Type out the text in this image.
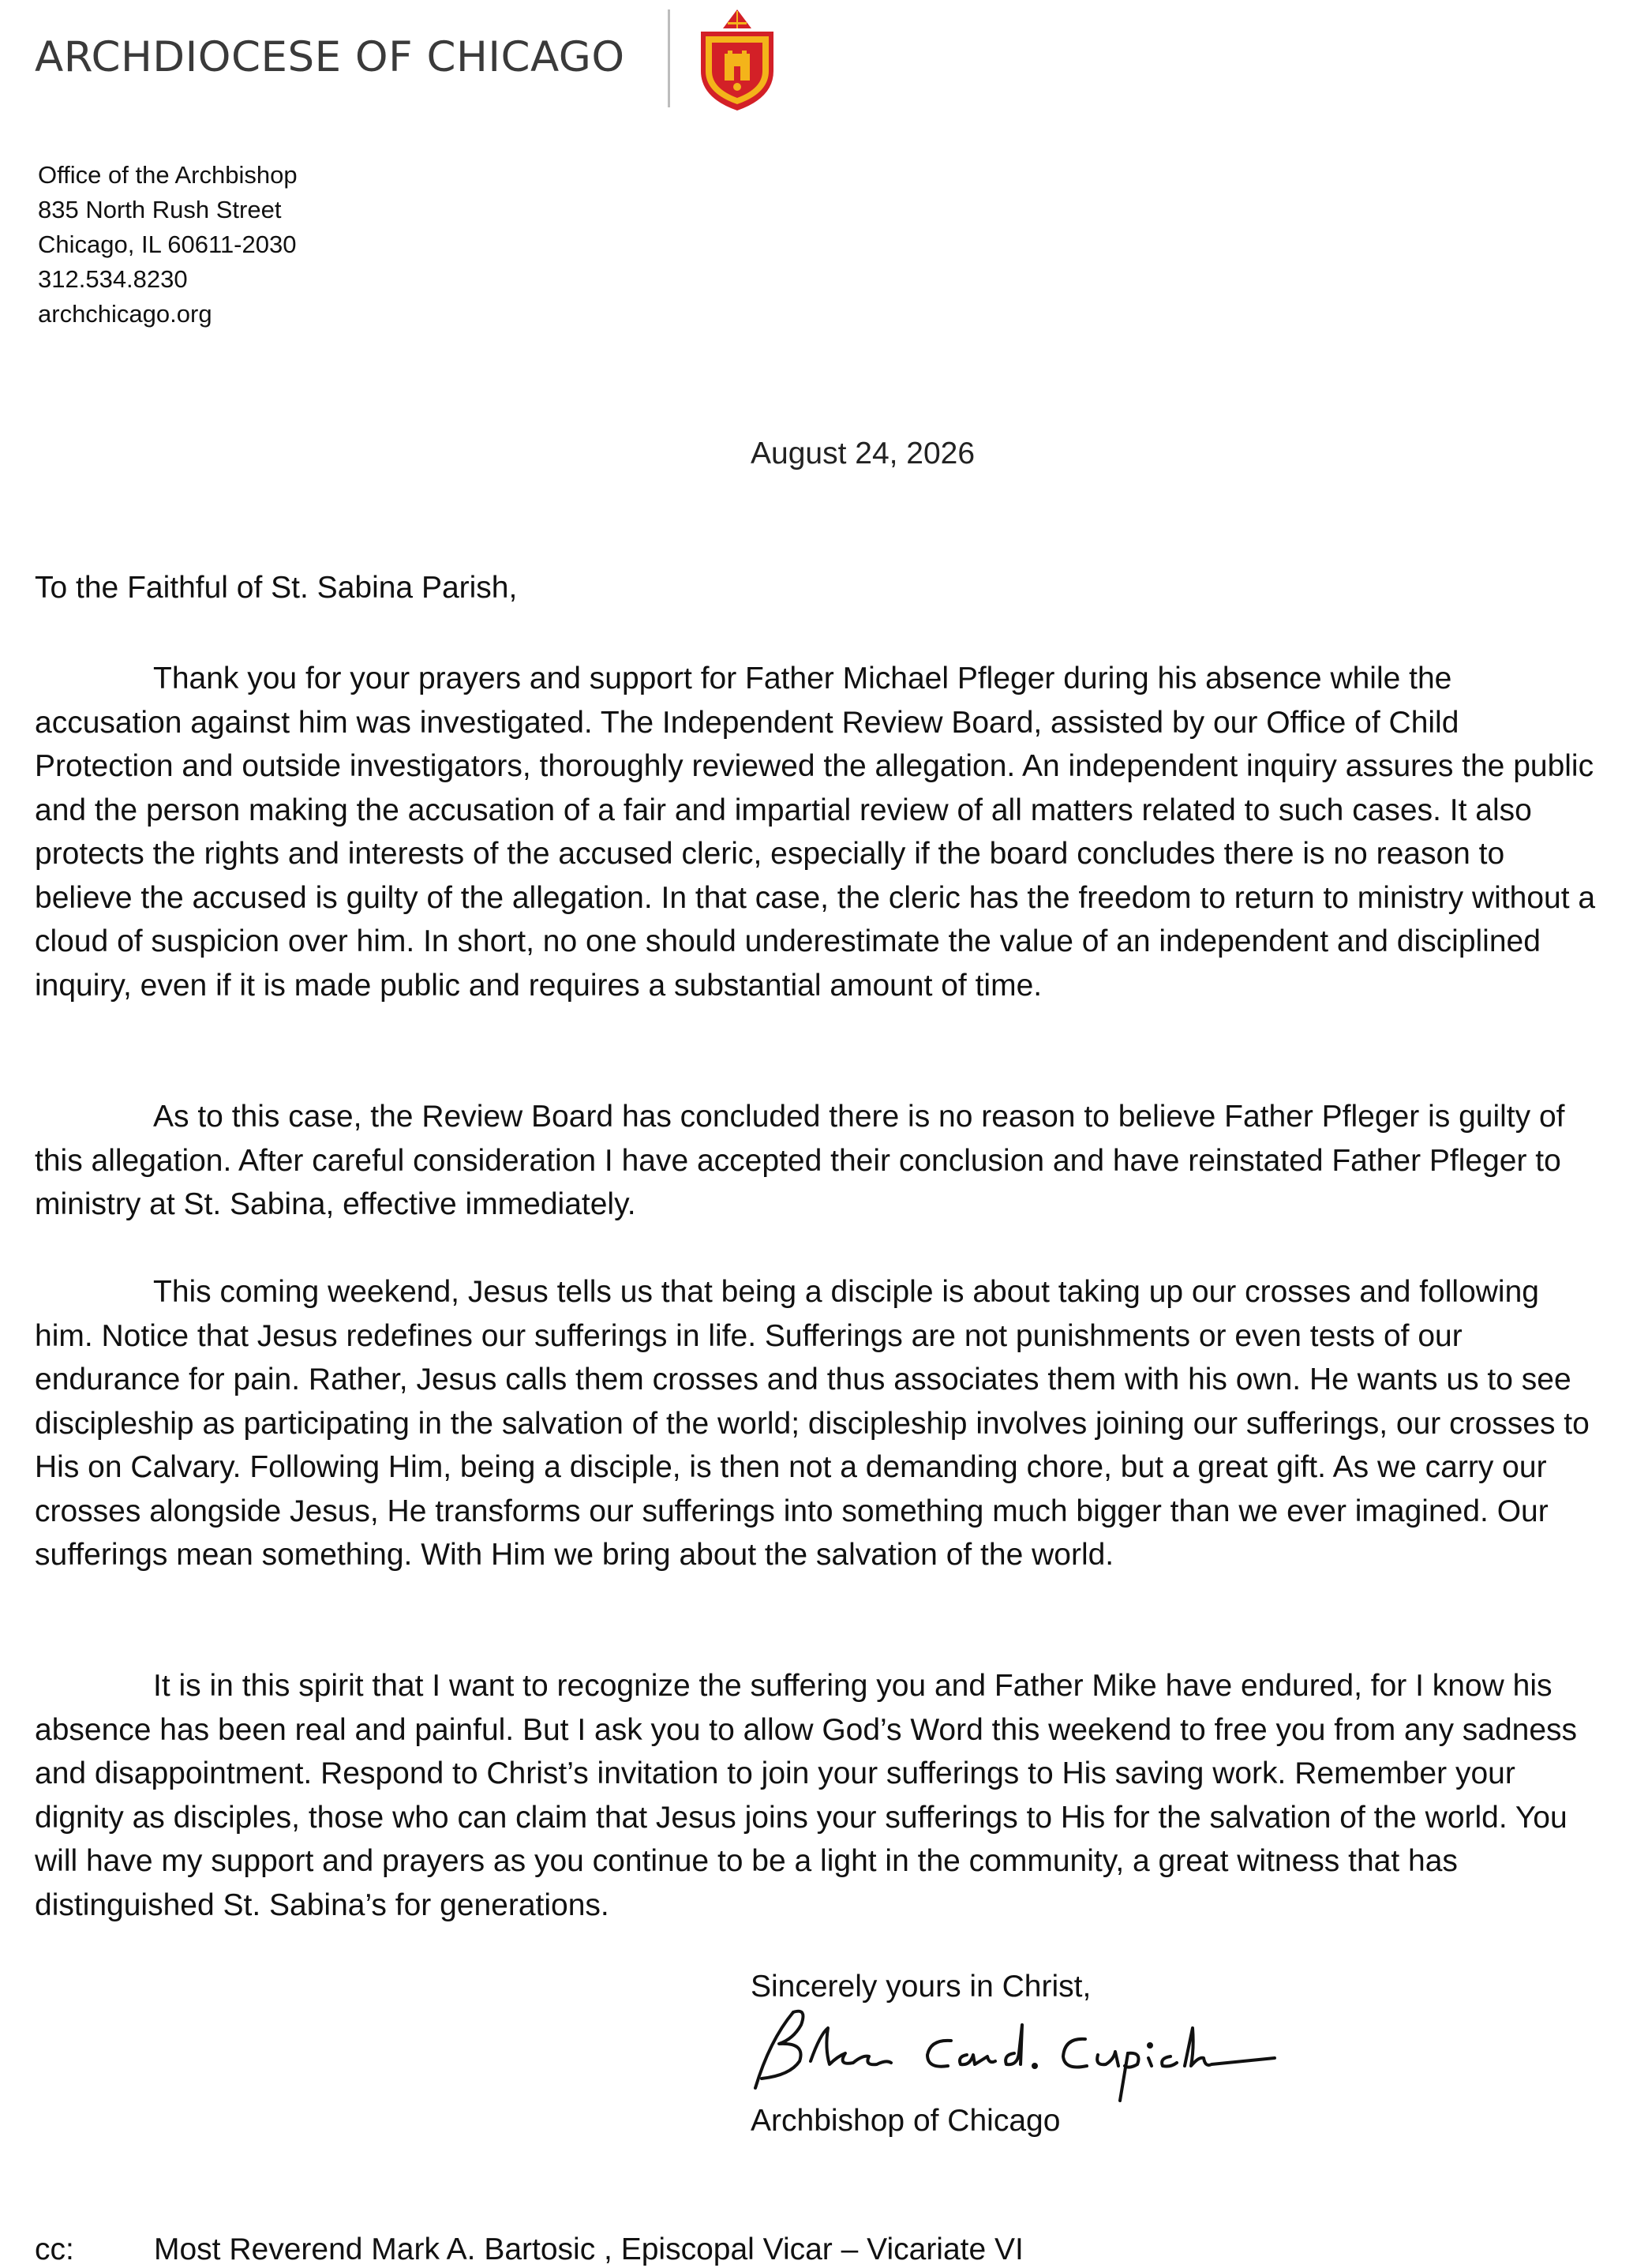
ARCHDIOCESE OF CHICAGO
Office of the Archbishop
835 North Rush Street
Chicago, IL 60611-2030
312.534.8230
archchicago.org
August 24, 2026
To the Faithful of St. Sabina Parish,

Thank you for your prayers and support for Father Michael Pfleger during his absence while the accusation against him was investigated. The Independent Review Board, assisted by our Office of Child Protection and outside investigators, thoroughly reviewed the allegation. An independent inquiry assures the public and the person making the accusation of a fair and impartial review of all matters related to such cases. It also protects the rights and interests of the accused cleric, especially if the board concludes there is no reason to believe the accused is guilty of the allegation. In that case, the cleric has the freedom to return to ministry without a cloud of suspicion over him. In short, no one should underestimate the value of an independent and disciplined inquiry, even if it is made public and requires a substantial amount of time.

As to this case, the Review Board has concluded there is no reason to believe Father Pfleger is guilty of this allegation. After careful consideration I have accepted their conclusion and have reinstated Father Pfleger to ministry at St. Sabina, effective immediately.

This coming weekend, Jesus tells us that being a disciple is about taking up our crosses and following him. Notice that Jesus redefines our sufferings in life. Sufferings are not punishments or even tests of our endurance for pain. Rather, Jesus calls them crosses and thus associates them with his own. He wants us to see discipleship as participating in the salvation of the world; discipleship involves joining our sufferings, our crosses to His on Calvary. Following Him, being a disciple, is then not a demanding chore, but a great gift. As we carry our crosses alongside Jesus, He transforms our sufferings into something much bigger than we ever imagined. Our sufferings mean something. With Him we bring about the salvation of the world.

It is in this spirit that I want to recognize the suffering you and Father Mike have endured, for I know his absence has been real and painful. But I ask you to allow God’s Word this weekend to free you from any sadness and disappointment. Respond to Christ’s invitation to join your sufferings to His saving work. Remember your dignity as disciples, those who can claim that Jesus joins your sufferings to His for the salvation of the world. You will have my support and prayers as you continue to be a light in the community, a great witness that has distinguished St. Sabina’s for generations.

Sincerely yours in Christ,
Archbishop of Chicago
cc:	Most Reverend Mark A. Bartosic , Episcopal Vicar – Vicariate VI
